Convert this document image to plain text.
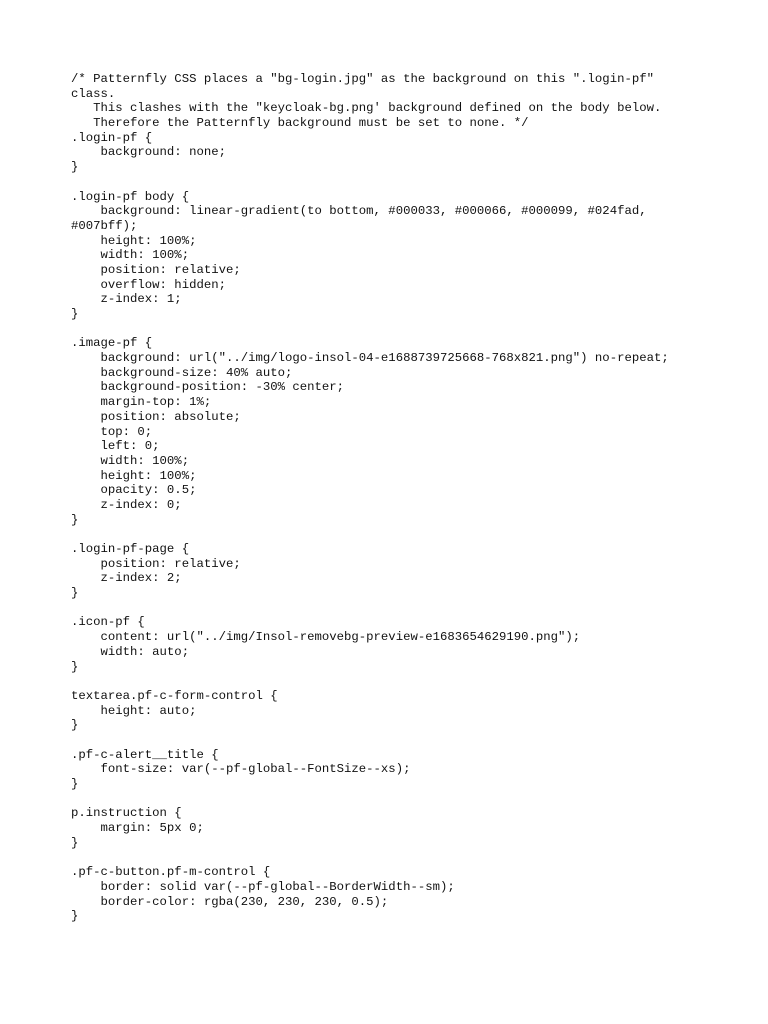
/* Patternfly CSS places a "bg-login.jpg" as the background on this ".login-pf"
class.
This clashes with the "keycloak-bg.png' background defined on the body below.
Therefore the Patternfly background must be set to none. */
.login-pf {
background: none;
}
.login-pf body {
background: linear-gradient(to bottom, #000033, #000066, #000099, #024fad,
#007bff);
height: 100%;
width: 100%;
position: relative;
overflow: hidden;
z-index: 1;
}
.image-pf {
background: url("../img/logo-insol-04-e1688739725668-768x821.png") no-repeat;
background-size: 40% auto;
background-position: -30% center;
margin-top: 1%;
position: absolute;
top: 0;
left: 0;
width: 100%;
height: 100%;
opacity: 0.5;
z-index: 0;
}
.login-pf-page {
position: relative;
z-index: 2;
}
.icon-pf {
content: url("../img/Insol-removebg-preview-e1683654629190.png");
width: auto;
}
textarea.pf-c-form-control {
height: auto;
}
.pf-c-alert__title {
font-size: var(--pf-global--FontSize--xs);
}
p.instruction {
margin: 5px 0;
}
.pf-c-button.pf-m-control {
border: solid var(--pf-global--BorderWidth--sm);
border-color: rgba(230, 230, 230, 0.5);
}
